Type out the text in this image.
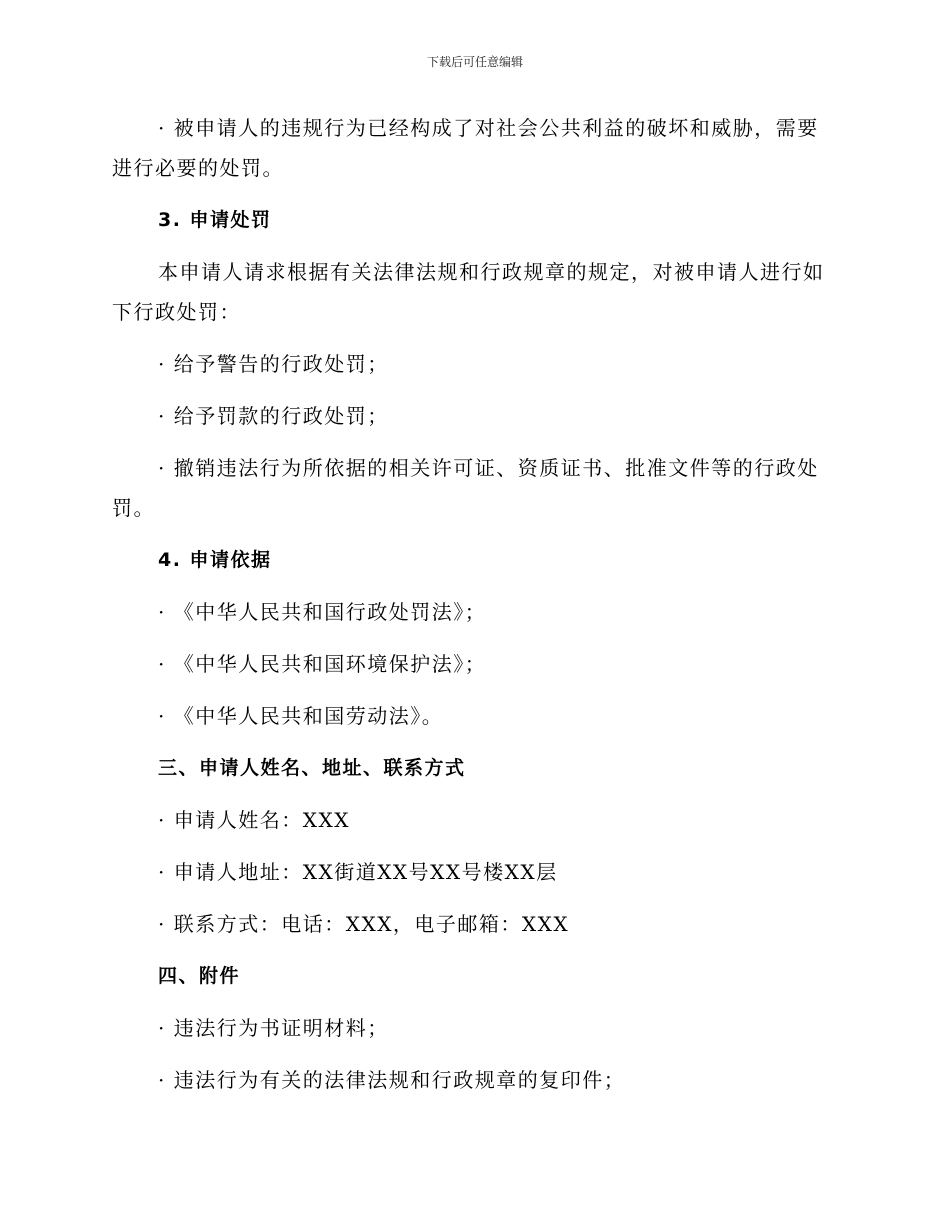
下载后可任意编辑

· 被申请人的违规行为已经构成了对社会公共利益的破坏和威胁，需要进行必要的处罚。

3. 申请处罚

本申请人请求根据有关法律法规和行政规章的规定，对被申请人进行如下行政处罚：

· 给予警告的行政处罚；

· 给予罚款的行政处罚；

· 撤销违法行为所依据的相关许可证、资质证书、批准文件等的行政处罚。

4. 申请依据

· 《中华人民共和国行政处罚法》；

· 《中华人民共和国环境保护法》；

· 《中华人民共和国劳动法》。

三、申请人姓名、地址、联系方式

· 申请人姓名：XXX

· 申请人地址：XX街道XX号XX号楼XX层

· 联系方式：电话：XXX，电子邮箱：XXX

四、附件

· 违法行为书证明材料；

· 违法行为有关的法律法规和行政规章的复印件；
